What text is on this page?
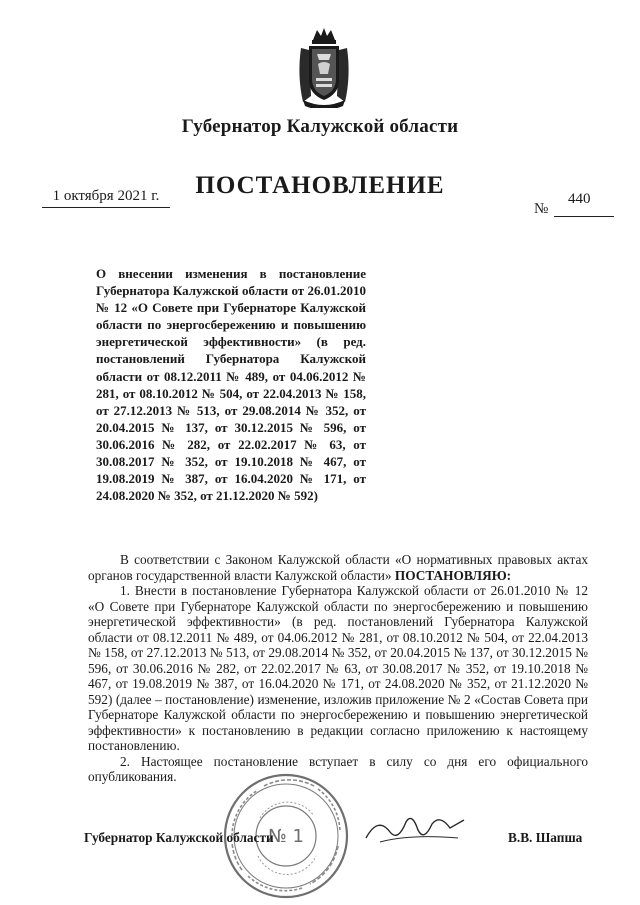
Губернатор Калужской области
1 октября 2021 г.	ПОСТАНОВЛЕНИЕ
№
440
О внесении изменения в постановление Губернатора Калужской области от 26.01.2010 № 12 «О Совете при Губернаторе Калужской области по энергосбережению и повышению энергетической эффективности» (в ред. постановлений Губернатора Калужской области от 08.12.2011 № 489, от 04.06.2012 № 281, от 08.10.2012 № 504, от 22.04.2013 № 158, от 27.12.2013 № 513, от 29.08.2014 № 352, от 20.04.2015 № 137, от 30.12.2015 № 596, от 30.06.2016 № 282, от 22.02.2017 № 63, от 30.08.2017 № 352, от 19.10.2018 № 467, от 19.08.2019 № 387, от 16.04.2020 № 171, от 24.08.2020 № 352, от 21.12.2020 № 592)

В соответствии с Законом Калужской области «О нормативных правовых актах органов государственной власти Калужской области» ПОСТАНОВЛЯЮ:

1. Внести в постановление Губернатора Калужской области от 26.01.2010 № 12 «О Совете при Губернаторе Калужской области по энергосбережению и повышению энергетической эффективности» (в ред. постановлений Губернатора Калужской области от 08.12.2011 № 489, от 04.06.2012 № 281, от 08.10.2012 № 504, от 22.04.2013 № 158, от 27.12.2013 № 513, от 29.08.2014 № 352, от 20.04.2015 № 137, от 30.12.2015 № 596, от 30.06.2016 № 282, от 22.02.2017 № 63, от 30.08.2017 № 352, от 19.10.2018 № 467, от 19.08.2019 № 387, от 16.04.2020 № 171, от 24.08.2020 № 352, от 21.12.2020 № 592) (далее – постановление) изменение, изложив приложение № 2 «Состав Совета при Губернаторе Калужской области по энергосбережению и повышению энергетической эффективности» к постановлению в редакции согласно приложению к настоящему постановлению.

2. Настоящее постановление вступает в силу со дня его официального опубликования.

№ 1
Губернатор Калужской области	В.В. Шапша
